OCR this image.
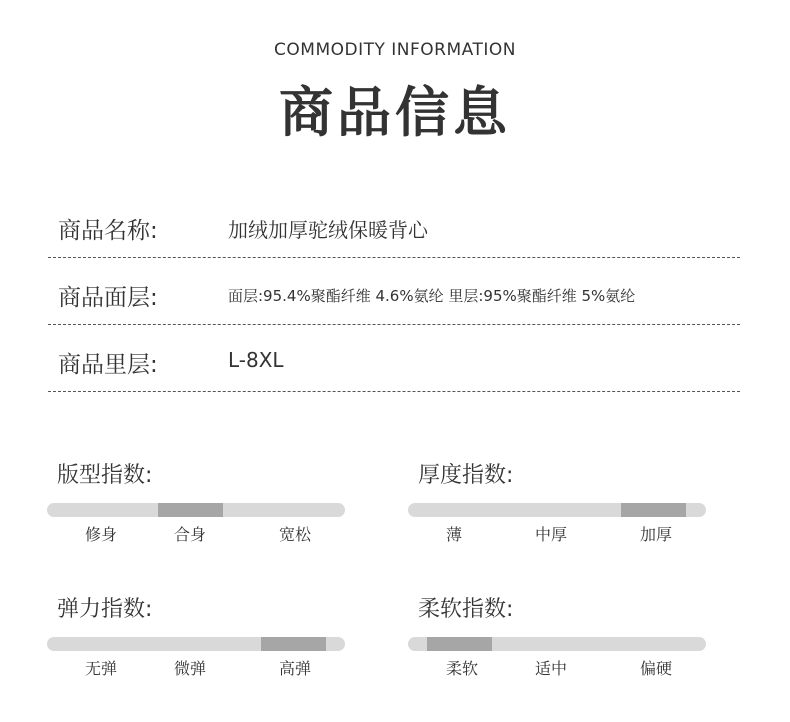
COMMODITY INFORMATION
商品信息
商品名称:	加绒加厚驼绒保暖背心
商品面层:	面层:95.4%聚酯纤维 4.6%氨纶 里层:95%聚酯纤维 5%氨纶
商品里层:	L-8XL
版型指数:
修身	合身	宽松
厚度指数:
薄	中厚	加厚
弹力指数:
无弹	微弹	高弹
柔软指数:
柔软	适中	偏硬
